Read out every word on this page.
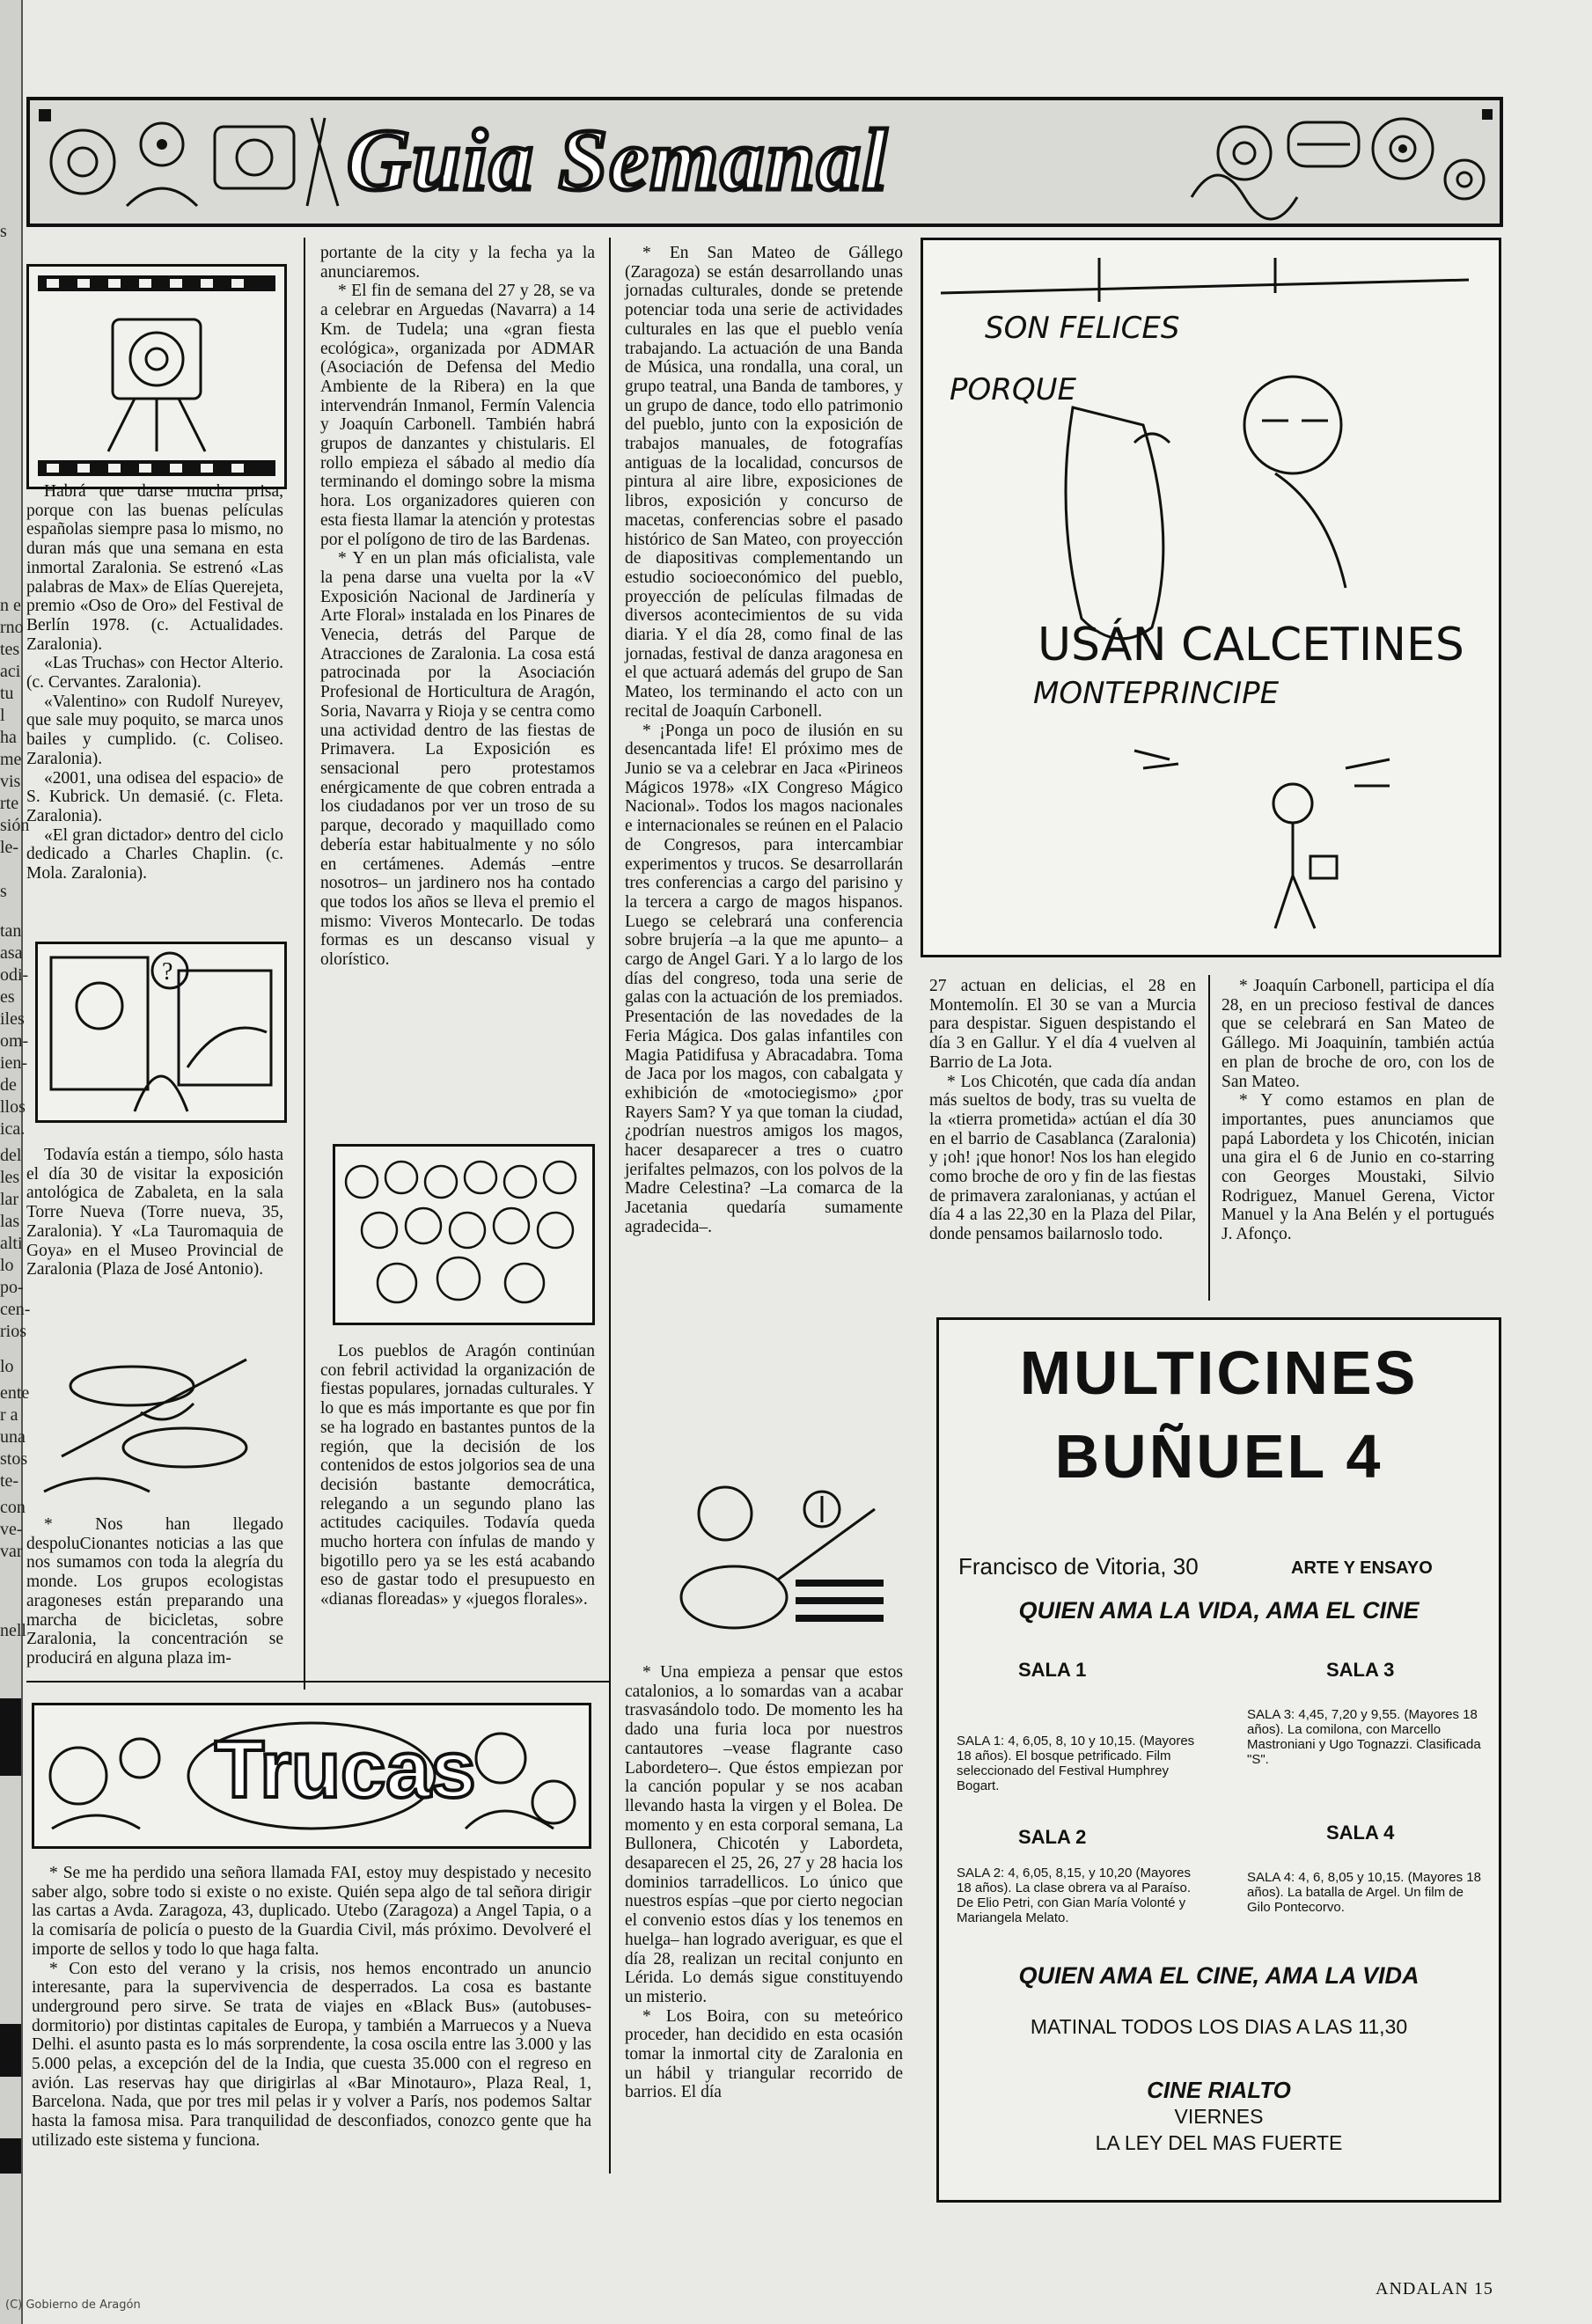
s
n e
rno
tes
aci
tu
l
ha
me
vis
rte
sión
le-
s
tan
asa
odi-
es
iles
om-
ien-
de
llos
ica.
del
les
lar
las
alti
lo
po-
cen-
rios
lo
ente
r a
una
stos
te-
con
ve-
var
nell
Guia Semanal

Habrá que darse mucha prisa, porque con las buenas películas españolas siempre pasa lo mismo, no duran más que una semana en esta inmortal Zaralonia. Se estrenó «Las palabras de Max» de Elías Querejeta, premio «Oso de Oro» del Festival de Berlín 1978. (c. Actualidades. Zaralonia).

«Las Truchas» con Hector Alterio. (c. Cervantes. Zaralonia).

«Valentino» con Rudolf Nureyev, que sale muy poquito, se marca unos bailes y cumplido. (c. Coliseo. Zaralonia).

«2001, una odisea del espacio» de S. Kubrick. Un demasié. (c. Fleta. Zaralonia).

«El gran dictador» dentro del ciclo dedicado a Charles Chaplin. (c. Mola. Zaralonia).

?

Todavía están a tiempo, sólo hasta el día 30 de visitar la exposición antológica de Zabaleta, en la sala Torre Nueva (Torre nueva, 35, Zaralonia). Y «La Tauromaquia de Goya» en el Museo Provincial de Zaralonia (Plaza de José Antonio).

* Nos han llegado despoluCionantes noticias a las que nos sumamos con toda la alegría du monde. Los grupos ecologistas aragoneses están preparando una marcha de bicicletas, sobre Zaralonia, la concentración se producirá en alguna plaza im-

portante de la city y la fecha ya la anunciaremos.

* El fin de semana del 27 y 28, se va a celebrar en Arguedas (Navarra) a 14 Km. de Tudela; una «gran fiesta ecológica», organizada por ADMAR (Asociación de Defensa del Medio Ambiente de la Ribera) en la que intervendrán Inmanol, Fermín Valencia y Joaquín Carbonell. También habrá grupos de danzantes y chistularis. El rollo empieza el sábado al medio día terminando el domingo sobre la misma hora. Los organizadores quieren con esta fiesta llamar la atención y protestas por el polígono de tiro de las Bardenas.

* Y en un plan más oficialista, vale la pena darse una vuelta por la «V Exposición Nacional de Jardinería y Arte Floral» instalada en los Pinares de Venecia, detrás del Parque de Atracciones de Zaralonia. La cosa está patrocinada por la Asociación Profesional de Horticultura de Aragón, Soria, Navarra y Rioja y se centra como una actividad dentro de las fiestas de Primavera. La Exposición es sensacional pero protestamos enérgicamente de que cobren entrada a los ciudadanos por ver un troso de su parque, decorado y maquillado como debería estar habitualmente y no sólo en certámenes. Además –entre nosotros– un jardinero nos ha contado que todos los años se lleva el premio el mismo: Viveros Montecarlo. De todas formas es un descanso visual y olorístico.

Los pueblos de Aragón continúan con febril actividad la organización de fiestas populares, jornadas culturales. Y lo que es más importante es que por fin se ha logrado en bastantes puntos de la región, que la decisión de los contenidos de estos jolgorios sea de una decisión bastante democrática, relegando a un segundo plano las actitudes caciquiles. Todavía queda mucho hortera con ínfulas de mando y bigotillo pero ya se les está acabando eso de gastar todo el presupuesto en «dianas floreadas» y «juegos florales».

* En San Mateo de Gállego (Zaragoza) se están desarrollando unas jornadas culturales, donde se pretende potenciar toda una serie de actividades culturales en las que el pueblo venía trabajando. La actuación de una Banda de Música, una rondalla, una coral, un grupo teatral, una Banda de tambores, y un grupo de dance, todo ello patrimonio del pueblo, junto con la exposición de trabajos manuales, de fotografías antiguas de la localidad, concursos de pintura al aire libre, exposiciones de libros, exposición y concurso de macetas, conferencias sobre el pasado histórico de San Mateo, con proyección de diapositivas complementando un estudio socioeconómico del pueblo, proyección de películas filmadas de diversos acontecimientos de su vida diaria. Y el día 28, como final de las jornadas, festival de danza aragonesa en el que actuará además del grupo de San Mateo, los terminando el acto con un recital de Joaquín Carbonell.

* ¡Ponga un poco de ilusión en su desencantada life! El próximo mes de Junio se va a celebrar en Jaca «Pirineos Mágicos 1978» «IX Congreso Mágico Nacional». Todos los magos nacionales e internacionales se reúnen en el Palacio de Congresos, para intercambiar experimentos y trucos. Se desarrollarán tres conferencias a cargo del parisino y la tercera a cargo de magos hispanos. Luego se celebrará una conferencia sobre brujería –a la que me apunto– a cargo de Angel Gari. Y a lo largo de los días del congreso, toda una serie de galas con la actuación de los premiados. Presentación de las novedades de la Feria Mágica. Dos galas infantiles con Magia Patidifusa y Abracadabra. Toma de Jaca por los magos, con cabalgata y exhibición de «motociegismo» ¿por Rayers Sam? Y ya que toman la ciudad, ¿podrían nuestros amigos los magos, hacer desaparecer a tres o cuatro jerifaltes pelmazos, con los polvos de la Madre Celestina? –La comarca de la Jacetania quedaría sumamente agradecida–.

* Una empieza a pensar que estos catalonios, a lo somardas van a acabar trasvasándolo todo. De momento les ha dado una furia loca por nuestros cantautores –vease flagrante caso Labordetero–. Que éstos empiezan por la canción popular y se nos acaban llevando hasta la virgen y el Bolea. De momento y en esta corporal semana, La Bullonera, Chicotén y Labordeta, desaparecen el 25, 26, 27 y 28 hacia los dominios tarradellicos. Lo único que nuestros espías –que por cierto negocian el convenio estos días y los tenemos en huelga– han logrado averiguar, es que el día 28, realizan un recital conjunto en Lérida. Lo demás sigue constituyendo un misterio.

* Los Boira, con su meteórico proceder, han decidido en esta ocasión tomar la inmortal city de Zaralonia en un hábil y triangular recorrido de barrios. El día

SON FELICES
PORQUE
USÁN CALCETINES
MONTEPRINCIPE

27 actuan en delicias, el 28 en Montemolín. El 30 se van a Murcia para despistar. Siguen despistando el día 3 en Gallur. Y el día 4 vuelven al Barrio de La Jota.

* Los Chicotén, que cada día andan más sueltos de body, tras su vuelta de la «tierra prometida» actúan el día 30 en el barrio de Casablanca (Zaralonia) y ¡oh! ¡que honor! Nos los han elegido como broche de oro y fin de las fiestas de primavera zaralonianas, y actúan el día 4 a las 22,30 en la Plaza del Pilar, donde pensamos bailarnoslo todo.

* Joaquín Carbonell, participa el día 28, en un precioso festival de dances que se celebrará en San Mateo de Gállego. Mi Joaquinín, también actúa en plan de broche de oro, con los de San Mateo.

* Y como estamos en plan de importantes, pues anunciamos que papá Labordeta y los Chicotén, inician una gira el 6 de Junio en co-starring con Georges Moustaki, Silvio Rodriguez, Manuel Gerena, Victor Manuel y la Ana Belén y el portugués J. Afonço.

MULTICINES
BUÑUEL 4
Francisco de Vitoria, 30	ARTE Y ENSAYO
QUIEN AMA LA VIDA, AMA EL CINE
SALA 1
SALA 1: 4, 6,05, 8, 10 y 10,15. (Mayores 18 años). El bosque petrificado. Film seleccionado del Festival Humphrey Bogart.
SALA 3
SALA 3: 4,45, 7,20 y 9,55. (Mayores 18 años). La comilona, con Marcello Mastroniani y Ugo Tognazzi. Clasificada "S".
SALA 2
SALA 2: 4, 6,05, 8,15, y 10,20 (Mayores 18 años). La clase obrera va al Paraíso. De Elio Petri, con Gian María Volonté y Mariangela Melato.
SALA 4
SALA 4: 4, 6, 8,05 y 10,15. (Mayores 18 años). La batalla de Argel. Un film de Gilo Pontecorvo.
QUIEN AMA EL CINE, AMA LA VIDA
MATINAL TODOS LOS DIAS A LAS 11,30
CINE RIALTO
VIERNES
LA LEY DEL MAS FUERTE
Trucas

* Se me ha perdido una señora llamada FAI, estoy muy despistado y necesito saber algo, sobre todo si existe o no existe. Quién sepa algo de tal señora dirigir las cartas a Avda. Zaragoza, 43, duplicado. Utebo (Zaragoza) a Angel Tapia, o a la comisaría de policía o puesto de la Guardia Civil, más próximo. Devolveré el importe de sellos y todo lo que haga falta.

* Con esto del verano y la crisis, nos hemos encontrado un anuncio interesante, para la supervivencia de desperrados. La cosa es bastante underground pero sirve. Se trata de viajes en «Black Bus» (autobuses-dormitorio) por distintas capitales de Europa, y también a Marruecos y a Nueva Delhi. el asunto pasta es lo más sorprendente, la cosa oscila entre las 3.000 y las 5.000 pelas, a excepción del de la India, que cuesta 35.000 con el regreso en avión. Las reservas hay que dirigirlas al «Bar Minotauro», Plaza Real, 1, Barcelona. Nada, que por tres mil pelas ir y volver a París, nos podemos Saltar hasta la famosa misa. Para tranquilidad de desconfiados, conozco gente que ha utilizado este sistema y funciona.

ANDALAN 15
(C) Gobierno de Aragón
